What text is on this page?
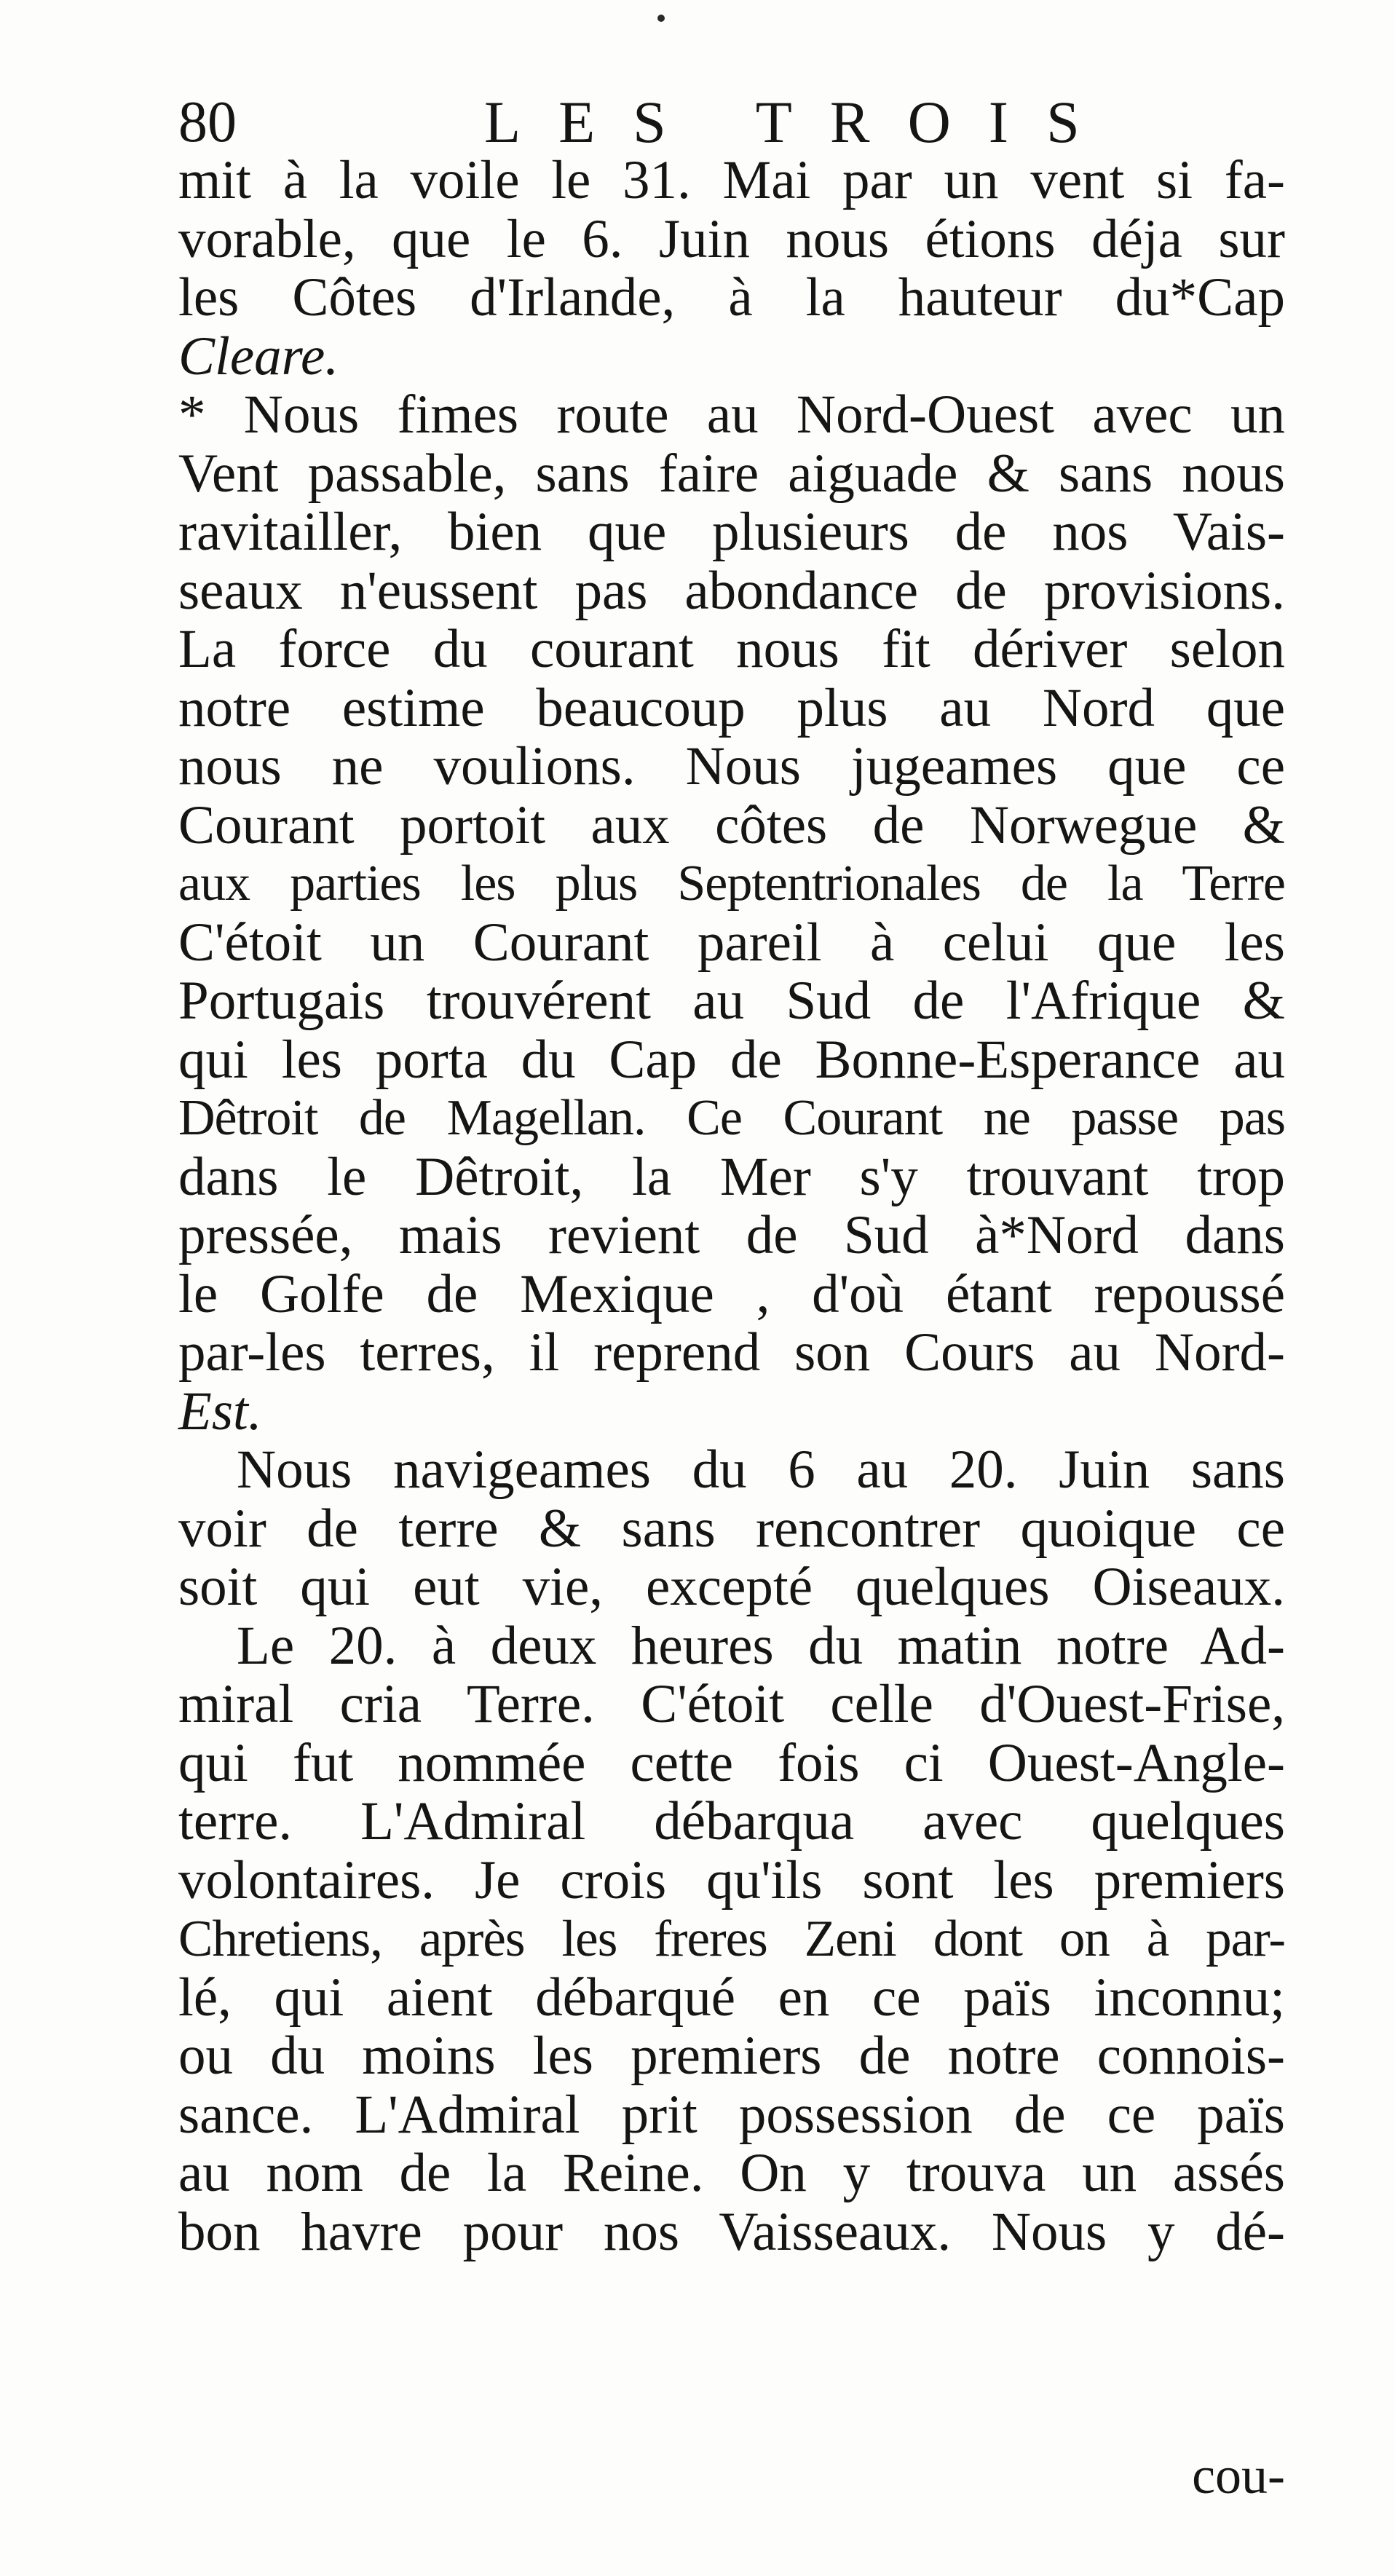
80	LES TROIS
mit à la voile le 31. Mai par un vent si fa-
vorable, que le 6. Juin nous étions déja sur
les Côtes d'Irlande, à la hauteur du*Cap
Cleare.
* Nous fimes route au Nord-Ouest avec un
Vent passable, sans faire aiguade & sans nous
ravitailler, bien que plusieurs de nos Vais-
seaux n'eussent pas abondance de provisions.
La force du courant nous fit dériver selon
notre estime beaucoup plus au Nord que
nous ne voulions. Nous jugeames que ce
Courant portoit aux côtes de Norwegue &
aux parties les plus Septentrionales de la Terre
C'étoit un Courant pareil à celui que les
Portugais trouvérent au Sud de l'Afrique &
qui les porta du Cap de Bonne-Esperance au
Dêtroit de Magellan. Ce Courant ne passe pas
dans le Dêtroit, la Mer s'y trouvant trop
pressée, mais revient de Sud à*Nord dans
le Golfe de Mexique , d'où étant repoussé
par-les terres, il reprend son Cours au Nord-
Est.
Nous navigeames du 6 au 20. Juin sans
voir de terre & sans rencontrer quoique ce
soit qui eut vie, excepté quelques Oiseaux.
Le 20. à deux heures du matin notre Ad-
miral cria Terre. C'étoit celle d'Ouest-Frise,
qui fut nommée cette fois ci Ouest-Angle-
terre. L'Admiral débarqua avec quelques
volontaires. Je crois qu'ils sont les premiers
Chretiens, après les freres Zeni dont on à par-
lé, qui aient débarqué en ce païs inconnu;
ou du moins les premiers de notre connois-
sance. L'Admiral prit possession de ce païs
au nom de la Reine. On y trouva un assés
bon havre pour nos Vaisseaux. Nous y dé-
cou-
